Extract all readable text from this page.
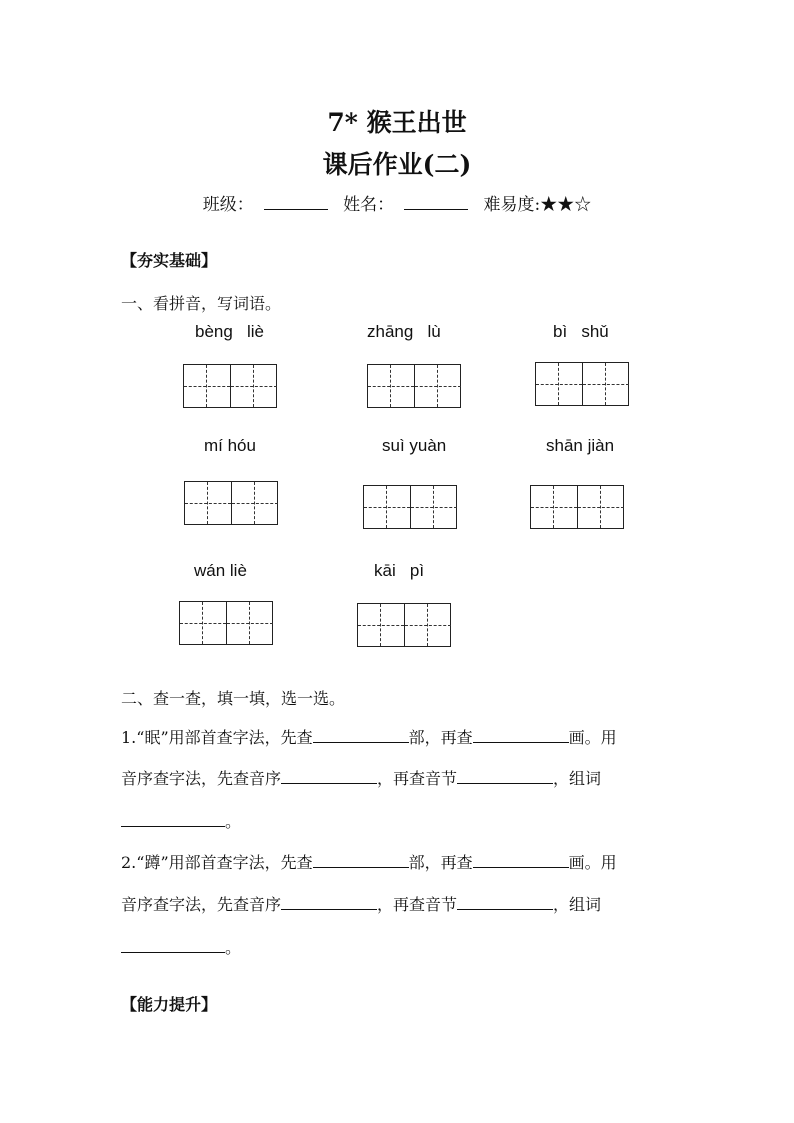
7* 猴王出世
课后作业(二)
班级：	姓名：	难易度:★★☆
【夯实基础】
一、看拼音，写词语。
bèng   liè	zhāng   lù	bì   shǔ
mí hóu	suì yuàn	shān jiàn
wán liè	kāi   pì
二、查一查，填一填，选一选。
1.“眠”用部首查字法，先查	部，再查	画。用
音序查字法，先查音序	，再查音节	，组词
。
2.“蹲”用部首查字法，先查	部，再查	画。用
音序查字法，先查音序	，再查音节	，组词
。
【能力提升】
